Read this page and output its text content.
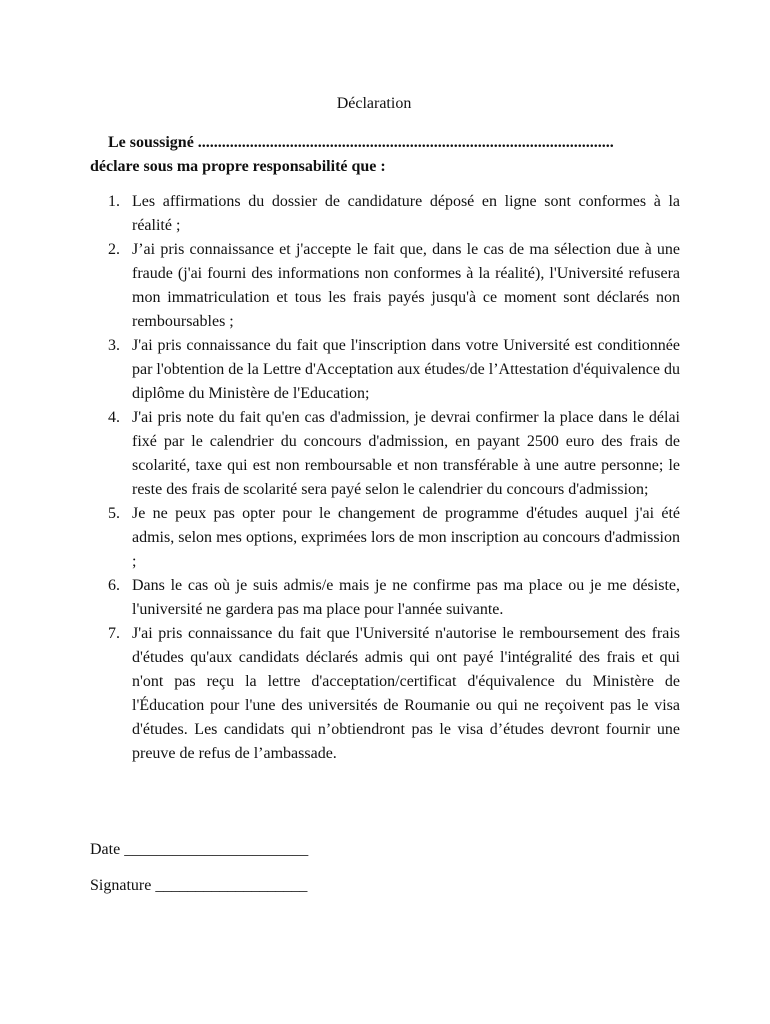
Déclaration
Le soussigné ........................................................................................................
déclare sous ma propre responsabilité que :
1. Les affirmations du dossier de candidature déposé en ligne sont conformes à la réalité ;
2. J’ai pris connaissance et j'accepte le fait que, dans le cas de ma sélection due à une fraude (j'ai fourni des informations non conformes à la réalité), l'Université refusera mon immatriculation et tous les frais payés jusqu'à ce moment sont déclarés non remboursables ;
3. J'ai pris connaissance du fait que l'inscription dans votre Université est conditionnée par l'obtention de la Lettre d'Acceptation aux études/de l’Attestation d'équivalence du diplôme du Ministère de l'Education;
4. J'ai pris note du fait qu'en cas d'admission, je devrai confirmer la place dans le délai fixé par le calendrier du concours d'admission, en payant 2500 euro des frais de scolarité, taxe qui est non remboursable et non transférable à une autre personne; le reste des frais de scolarité sera payé selon le calendrier du concours d'admission;
5. Je ne peux pas opter pour le changement de programme d'études auquel j'ai été admis, selon mes options, exprimées lors de mon inscription au concours d'admission ;
6. Dans le cas où je suis admis/e mais je ne confirme pas ma place ou je me désiste, l'université ne gardera pas ma place pour l'année suivante.
7. J'ai pris connaissance du fait que l'Université n'autorise le remboursement des frais d'études qu'aux candidats déclarés admis qui ont payé l'intégralité des frais et qui n'ont pas reçu la lettre d'acceptation/certificat d'équivalence du Ministère de l'Éducation pour l'une des universités de Roumanie ou qui ne reçoivent pas le visa d'études. Les candidats qui n’obtiendront pas le visa d’études devront fournir une preuve de refus de l’ambassade.
Date _______________________
Signature ___________________
